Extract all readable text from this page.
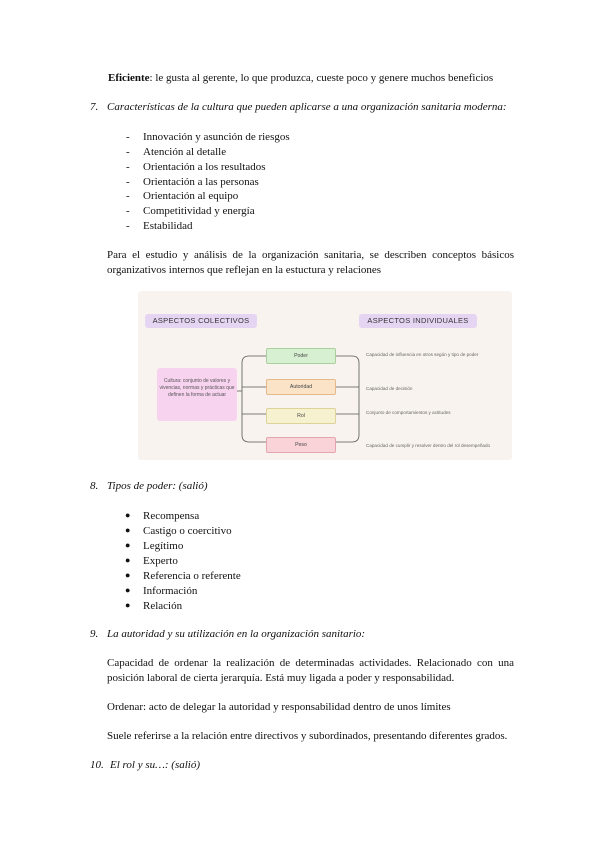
Eficiente: le gusta al gerente, lo que produzca, cueste poco y genere muchos beneficios
7. Características de la cultura que pueden aplicarse a una organización sanitaria moderna:
- Innovación y asunción de riesgos
- Atención al detalle
- Orientación a los resultados
- Orientación a las personas
- Orientación al equipo
- Competitividad y energía
- Estabilidad
Para el estudio y análisis de la organización sanitaria, se describen conceptos básicos organizativos internos que reflejan en la estuctura y relaciones
ASPECTOS COLECTIVOS	ASPECTOS INDIVIDUALES
Cultura: conjunto de valores y vivencias, normas y prácticas que definen la forma de actuar
Poder
Autoridad
Rol
Peso
Capacidad de influencia en otros según y tipo de poder
Capacidad de decisión
Conjunto de comportamientos y actitudes
Capacidad de cumplir y resolver dentro del rol desempeñado
8. Tipos de poder: (salió)
● Recompensa
● Castigo o coercitivo
● Legítimo
● Experto
● Referencia o referente
● Información
● Relación
9. La autoridad y su utilización en la organización sanitario:
Capacidad de ordenar la realización de determinadas actividades. Relacionado con una posición laboral de cierta jerarquía. Está muy ligada a poder y responsabilidad.
Ordenar: acto de delegar la autoridad y responsabilidad dentro de unos límites
Suele referirse a la relación entre directivos y subordinados, presentando diferentes grados.
10. El rol y su…: (salió)
